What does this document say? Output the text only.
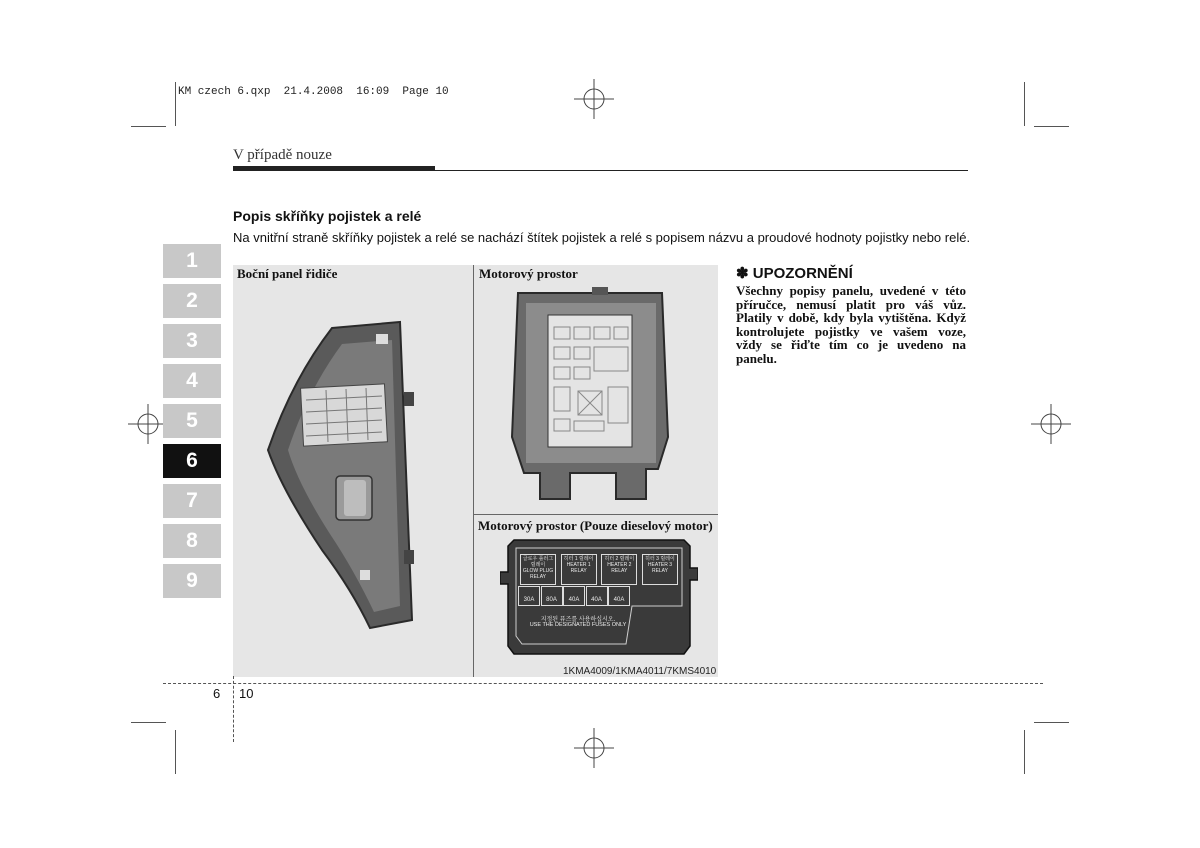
KM czech 6.qxp  21.4.2008  16:09  Page 10
V případě nouze
1
2
3
4
5
6
7
8
9
Popis skříňky pojistek a relé
Na vnitřní straně skříňky pojistek a relé se nachází štítek pojistek a relé s popisem názvu a proudové hodnoty pojistky nebo relé.
Boční panel řidiče	Motorový prostor
Motorový prostor (Pouze dieselový motor)
글로우 플러그 릴레이
GLOW PLUG
RELAY
히터 1 릴레이
HEATER 1
RELAY
히터 2 릴레이
HEATER 2
RELAY
히터 3 릴레이
HEATER 3
RELAY
30A	80A	40A	40A	40A
지정된 퓨즈를 사용하십시오.
USE THE DESIGNATED FUSES ONLY
1KMA4009/1KMA4011/7KMS4010
✽ UPOZORNĚNÍ
Všechny popisy panelu, uvedené v této příručce, nemusí platit pro váš vůz. Platily v době, kdy byla vytištěna. Když kontrolujete pojistky ve vašem voze, vždy se řiďte tím co je uvedeno na panelu.
6 10
